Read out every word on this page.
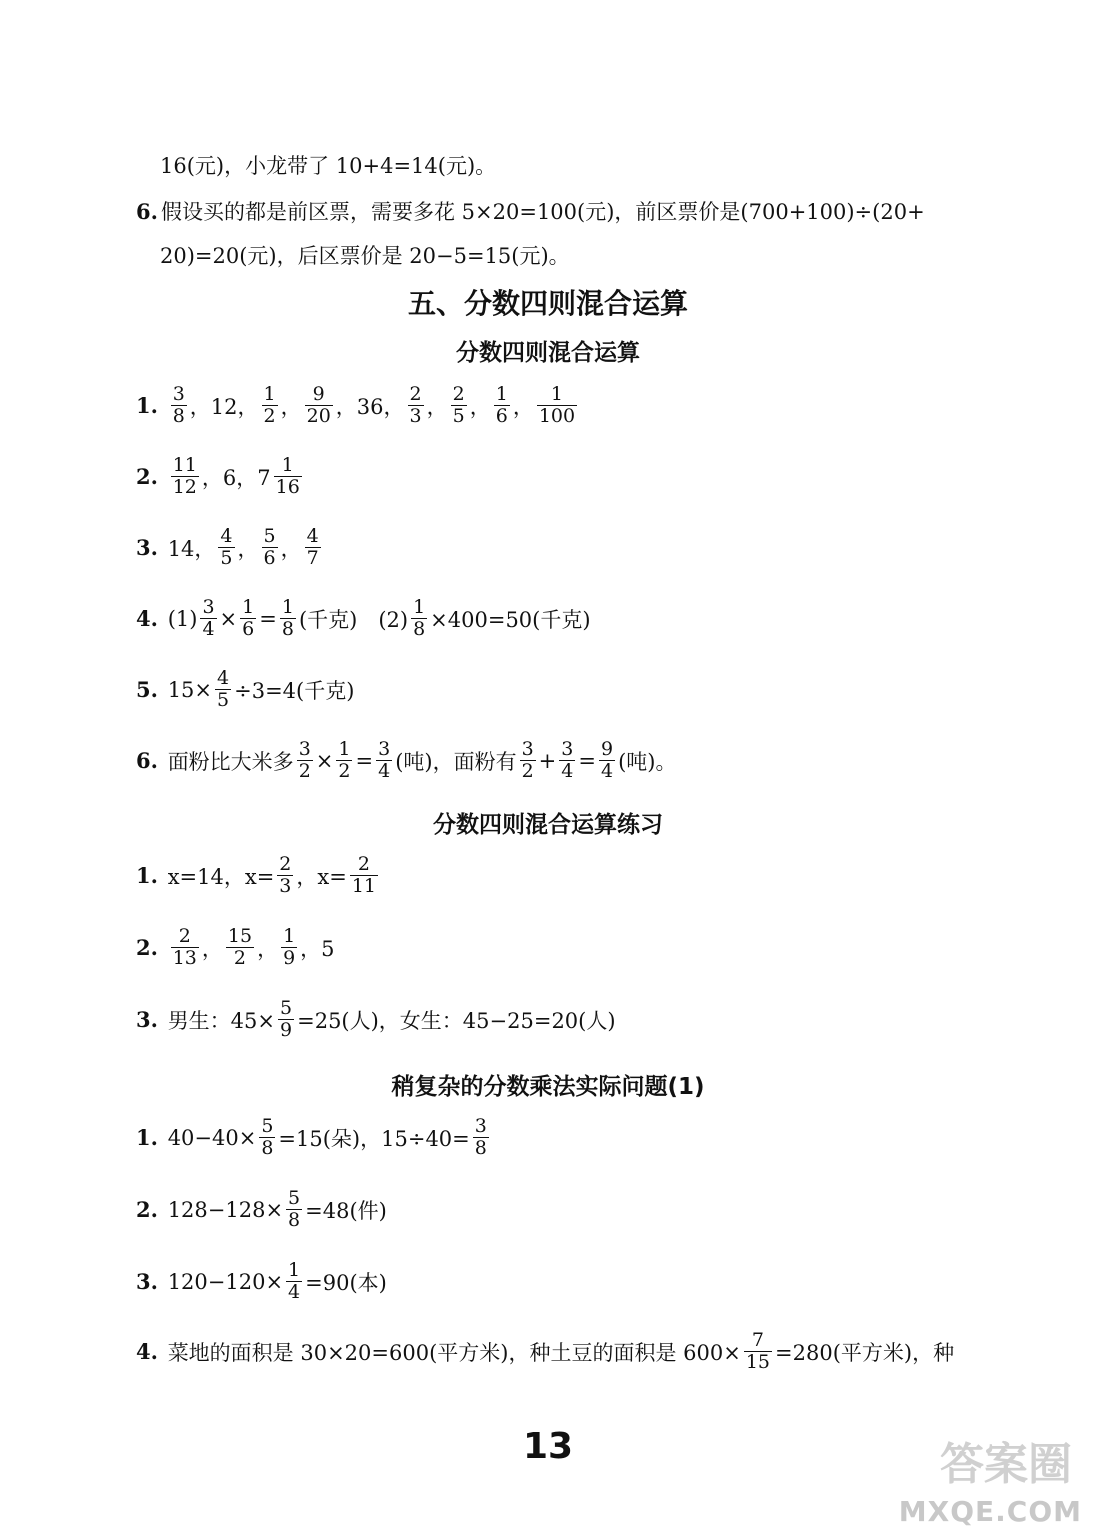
16(元)，小龙带了 10+4=14(元)。
6. 假设买的都是前区票，需要多花 5×20=100(元)，前区票价是(700+100)÷(20+
20)=20(元)，后区票价是 20−5=15(元)。
五、分数四则混合运算
分数四则混合运算
1. $\frac{3}{8}$ ，12， $\frac{1}{2}$ ， $\frac{9}{20}$ ，36， $\frac{2}{3}$ ， $\frac{2}{5}$ ， $\frac{1}{6}$ ， $\frac{1}{100}$
2. $\frac{11}{12}$ ，6，$7 \frac{1}{16}$
3. 14， $\frac{4}{5}$ ， $\frac{5}{6}$ ， $\frac{4}{7}$
4. $(1) \frac{3}{4} \times \frac{1}{6} = \frac{1}{8}$ (千克)　$(2) \frac{1}{8} \times 400=50$(千克)
5. $15\times \frac{4}{5} \div 3=4$(千克)
6. 面粉比大米多 $\frac{3}{2} \times \frac{1}{2} = \frac{3}{4}$ (吨)，面粉有 $\frac{3}{2} + \frac{3}{4} = \frac{9}{4}$ (吨)。
分数四则混合运算练习
1. x=14，$x= \frac{2}{3}$ ，$x= \frac{2}{11}$
2. $\frac{2}{13}$ ， $\frac{15}{2}$ ， $\frac{1}{9}$ ，5
3. 男生：$45\times \frac{5}{9} =25$(人)，女生：45−25=20(人)
稍复杂的分数乘法实际问题(1)
1. $40-40\times \frac{5}{8} =15$(朵)，$15\div 40= \frac{3}{8}$
2. $128-128\times \frac{5}{8} =48$(件)
3. $120-120\times \frac{1}{4} =90$(本)
4. 菜地的面积是 30×20=600(平方米)，种土豆的面积是 $600\times \frac{7}{15} =280$(平方米)，种
13	答案圈
MXQE.COM
